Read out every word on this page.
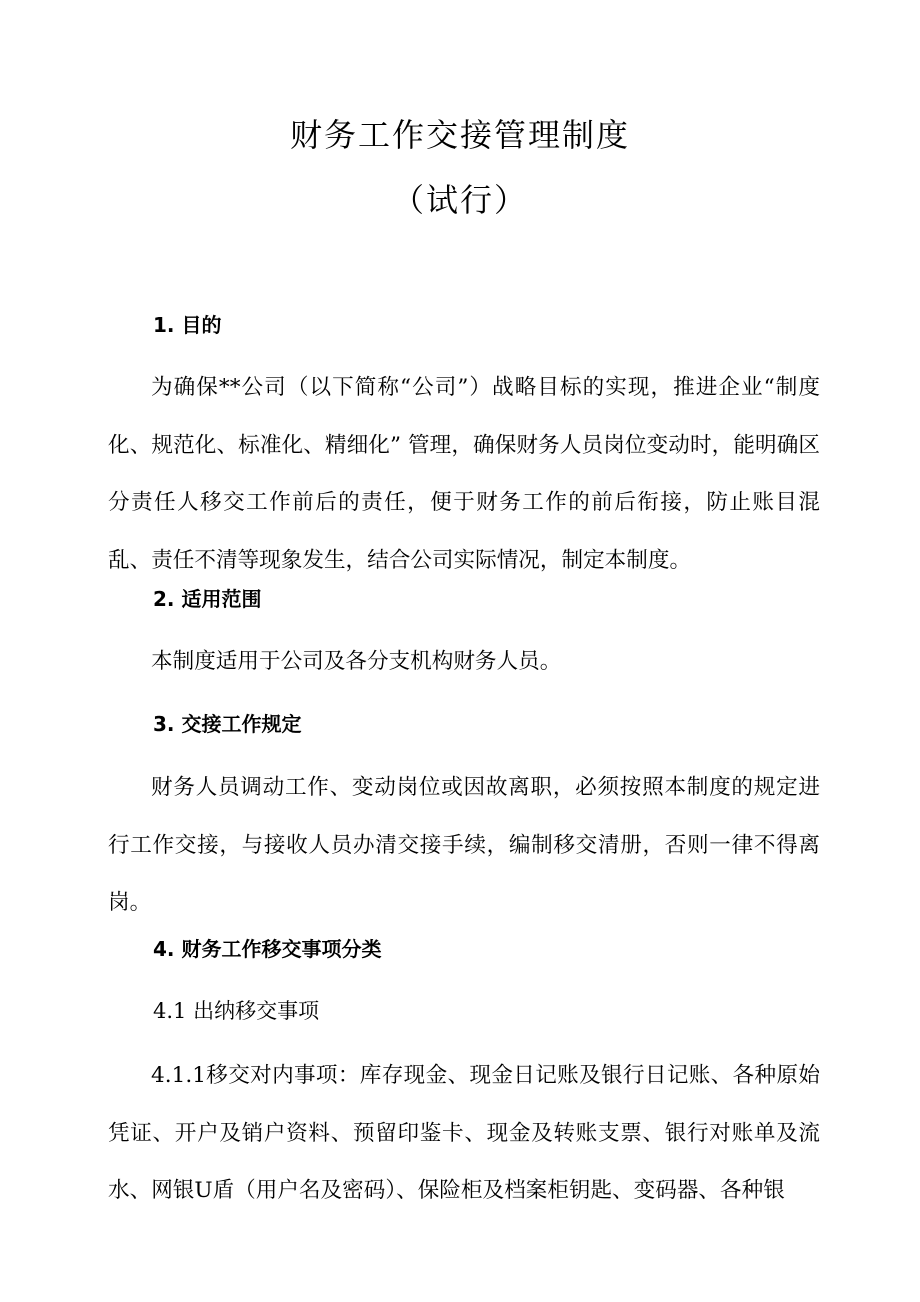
财务工作交接管理制度
（试行）
1. 目的

为确保**公司（以下简称“公司”）战略目标的实现，推进企业“制度化、规范化、标准化、精细化” 管理，确保财务人员岗位变动时，能明确区分责任人移交工作前后的责任，便于财务工作的前后衔接，防止账目混乱、责任不清等现象发生，结合公司实际情况，制定本制度。

2. 适用范围

本制度适用于公司及各分支机构财务人员。

3. 交接工作规定

财务人员调动工作、变动岗位或因故离职，必须按照本制度的规定进行工作交接，与接收人员办清交接手续，编制移交清册，否则一律不得离岗。

4. 财务工作移交事项分类

4.1 出纳移交事项

4.1.1移交对内事项：库存现金、现金日记账及银行日记账、各种原始凭证、开户及销户资料、预留印鉴卡、现金及转账支票、银行对账单及流水、网银U盾（用户名及密码）、保险柜及档案柜钥匙、变码器、各种银
